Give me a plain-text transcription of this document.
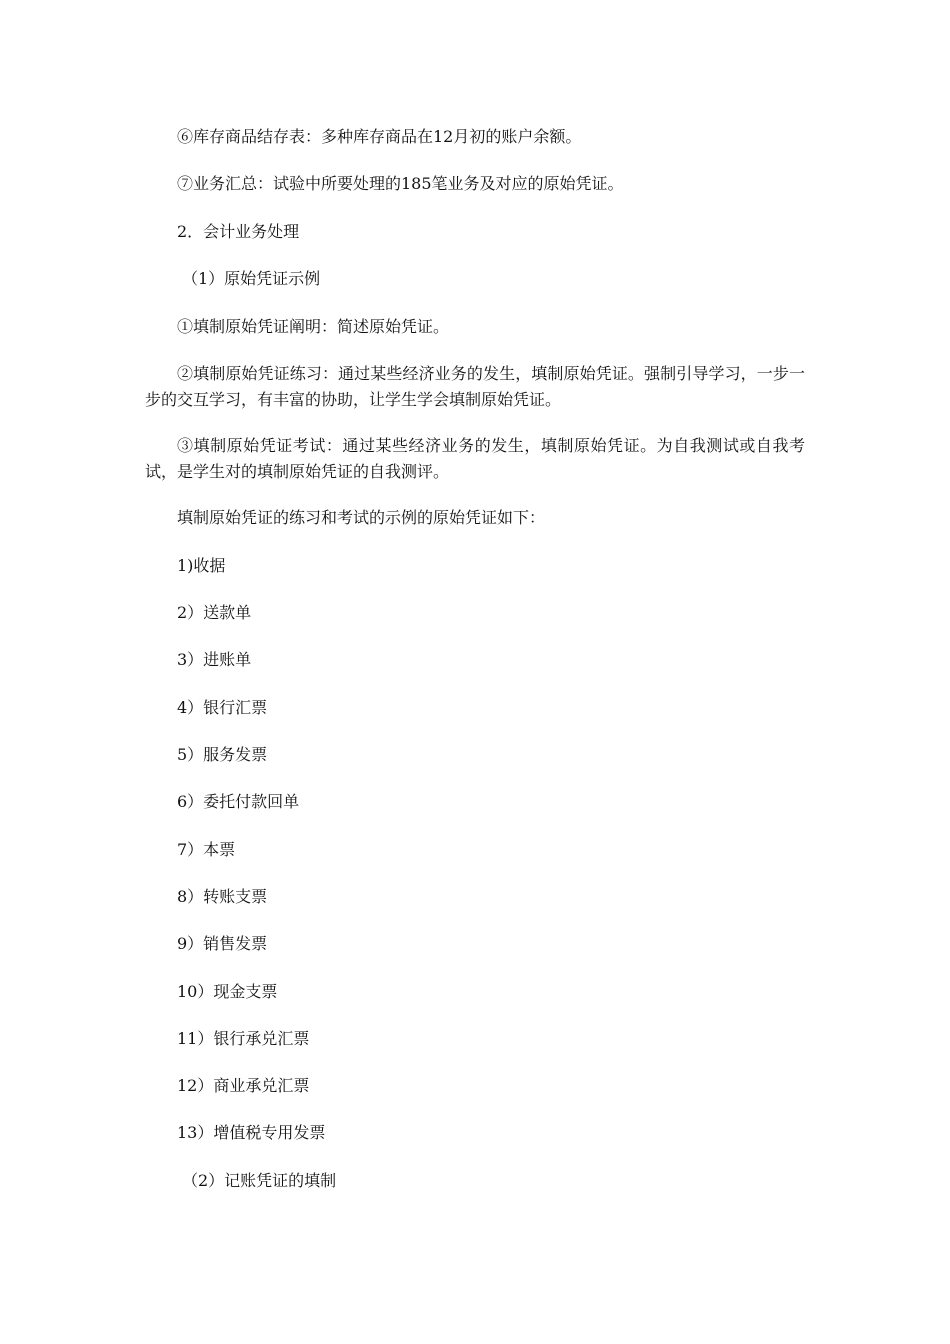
⑥库存商品结存表：多种库存商品在12月初的账户余额。

⑦业务汇总：试验中所要处理的185笔业务及对应的原始凭证。

2．会计业务处理

（1）原始凭证示例

①填制原始凭证阐明：简述原始凭证。

②填制原始凭证练习：通过某些经济业务的发生，填制原始凭证。强制引导学习，一步一步的交互学习，有丰富的协助，让学生学会填制原始凭证。

③填制原始凭证考试：通过某些经济业务的发生，填制原始凭证。为自我测试或自我考试，是学生对的填制原始凭证的自我测评。

填制原始凭证的练习和考试的示例的原始凭证如下：

1)收据

2）送款单

3）进账单

4）银行汇票

5）服务发票

6）委托付款回单

7）本票

8）转账支票

9）销售发票

10）现金支票

11）银行承兑汇票

12）商业承兑汇票

13）增值税专用发票

（2）记账凭证的填制
